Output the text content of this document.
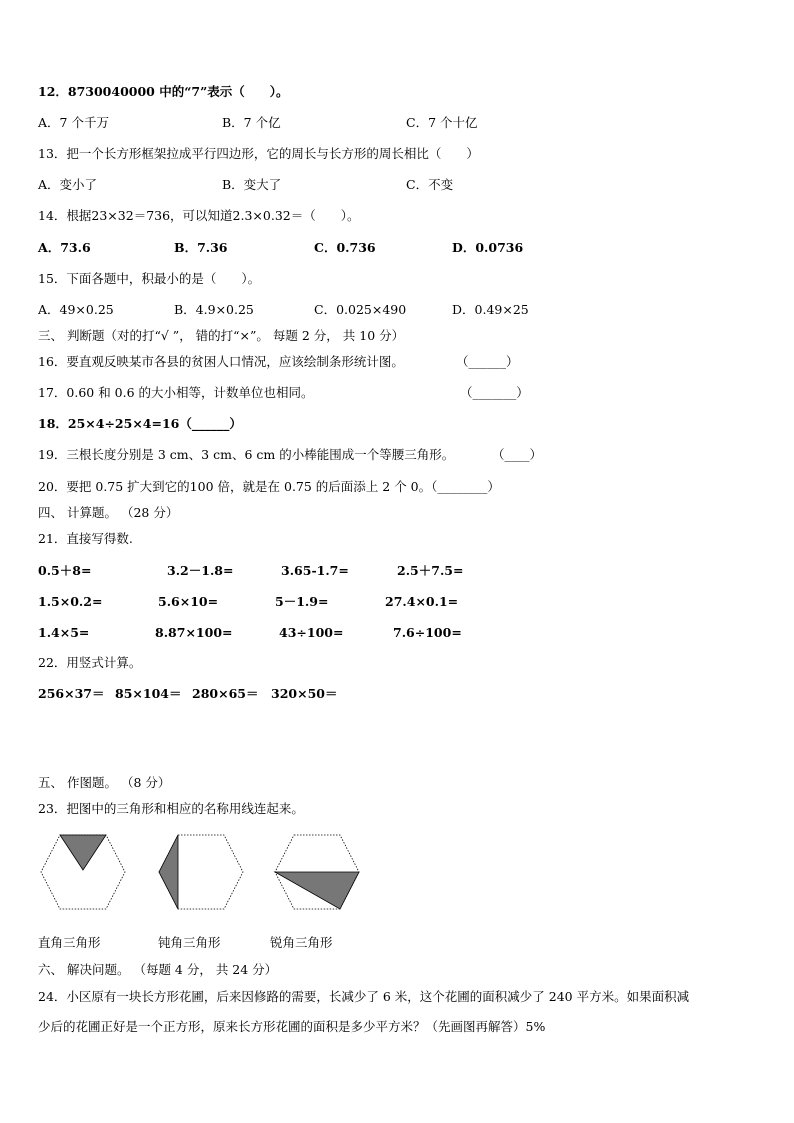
12．8730040000 中的“7”表示（　　）。
A．7 个千万	B．7 个亿	C．7 个十亿
13．把一个长方形框架拉成平行四边形，它的周长与长方形的周长相比（　　）
A．变小了	B．变大了	C．不变
14．根据23×32＝736，可以知道2.3×0.32＝（　　）。
A．73.6	B．7.36	C．0.736	D．0.0736
15．下面各题中，积最小的是（　　）。
A．49×0.25	B．4.9×0.25	C．0.025×490	D．0.49×25
三、 判断题（对的打“√ ”， 错的打“×”。 每题 2 分， 共 10 分）
16．要直观反映某市各县的贫困人口情况，应该绘制条形统计图。	（______）
17．0.60 和 0.6 的大小相等，计数单位也相同。	（_______）
18．25×4÷25×4=16（______）
19．三根长度分别是 3 cm、3 cm、6 cm 的小棒能围成一个等腰三角形。	（____）
20．要把 0.75 扩大到它的100 倍，就是在 0.75 的后面添上 2 个 0。（________）
四、 计算题。 （28 分）
21．直接写得数.
0.5＋8=	3.2－1.8=	3.65-1.7=	2.5＋7.5=
1.5×0.2=	5.6×10=	5－1.9=	27.4×0.1=
1.4×5=	8.87×100=	43÷100=	7.6÷100=
22．用竖式计算。
256×37＝ 85×104＝ 280×65＝ 320×50＝
五、 作图题。 （8 分）
23．把图中的三角形和相应的名称用线连起来。
直角三角形	钝角三角形	锐角三角形
六、 解决问题。 （每题 4 分， 共 24 分）
24．小区原有一块长方形花圃，后来因修路的需要，长减少了 6 米，这个花圃的面积减少了 240 平方米。如果面积减
少后的花圃正好是一个正方形，原来长方形花圃的面积是多少平方米？（先画图再解答）5%
